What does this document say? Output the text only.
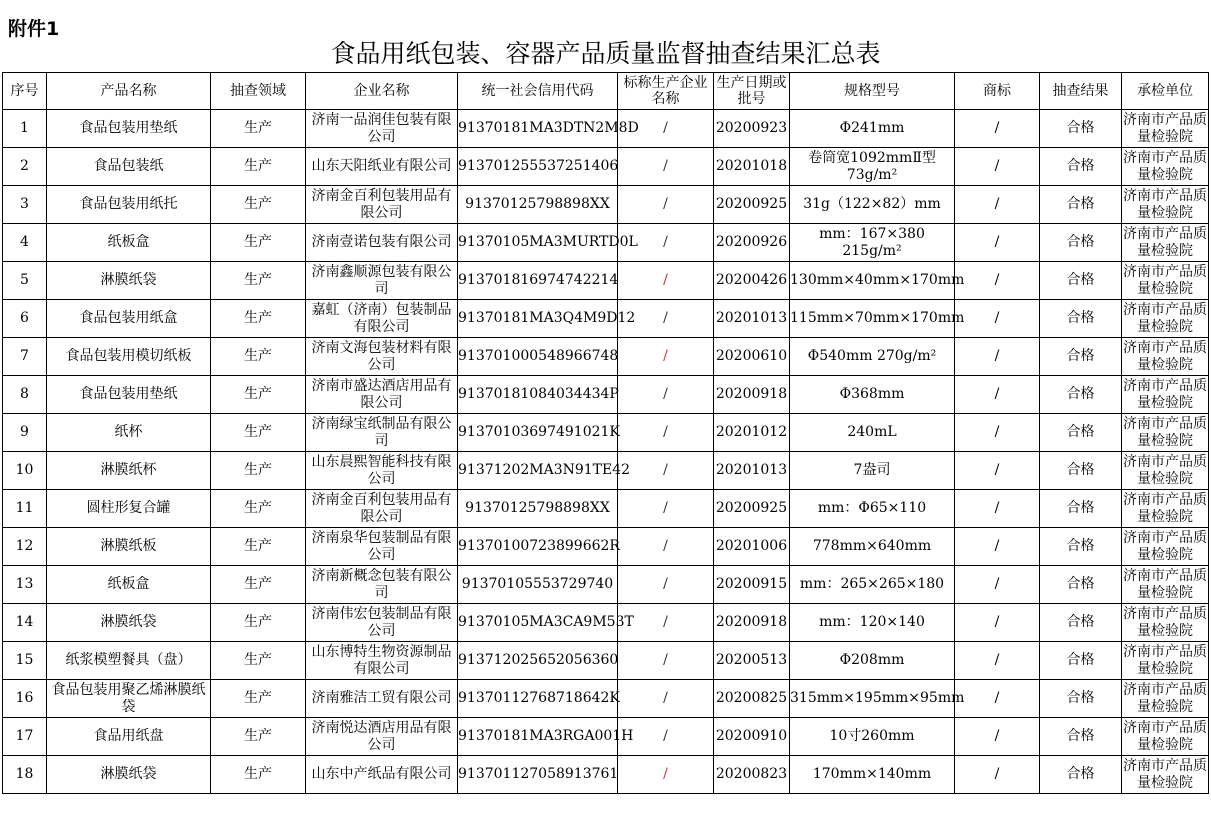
附件1
食品用纸包装、容器产品质量监督抽查结果汇总表
序号	产品名称	抽查领域	企业名称	统一社会信用代码	标称生产企业名称	生产日期或批号	规格型号	商标	抽查结果	承检单位
1	食品包装用垫纸	生产	济南一品润佳包装有限公司	91370181MA3DTN2M8D	/	20200923	Φ241mm	/	合格	济南市产品质量检验院
2	食品包装纸	生产	山东天阳纸业有限公司	913701255537251406	/	20201018	卷筒宽1092mmⅡ型73g/m²	/	合格	济南市产品质量检验院
3	食品包装用纸托	生产	济南金百利包装用品有限公司	91370125798898XX	/	20200925	31g（122×82）mm	/	合格	济南市产品质量检验院
4	纸板盒	生产	济南壹诺包装有限公司	91370105MA3MURTD0L	/	20200926	mm：167×380 215g/m²	/	合格	济南市产品质量检验院
5	淋膜纸袋	生产	济南鑫顺源包装有限公司	913701816974742214	/	20200426	130mm×40mm×170mm	/	合格	济南市产品质量检验院
6	食品包装用纸盒	生产	嘉虹（济南）包装制品有限公司	91370181MA3Q4M9D12	/	20201013	115mm×70mm×170mm	/	合格	济南市产品质量检验院
7	食品包装用模切纸板	生产	济南文海包装材料有限公司	913701000548966748	/	20200610	Φ540mm 270g/m²	/	合格	济南市产品质量检验院
8	食品包装用垫纸	生产	济南市盛达酒店用品有限公司	91370181084034434P	/	20200918	Φ368mm	/	合格	济南市产品质量检验院
9	纸杯	生产	济南绿宝纸制品有限公司	91370103697491021K	/	20201012	240mL	/	合格	济南市产品质量检验院
10	淋膜纸杯	生产	山东晨熙智能科技有限公司	91371202MA3N91TE42	/	20201013	7盎司	/	合格	济南市产品质量检验院
11	圆柱形复合罐	生产	济南金百利包装用品有限公司	91370125798898XX	/	20200925	mm：Φ65×110	/	合格	济南市产品质量检验院
12	淋膜纸板	生产	济南泉华包装制品有限公司	91370100723899662R	/	20201006	778mm×640mm	/	合格	济南市产品质量检验院
13	纸板盒	生产	济南新概念包装有限公司	91370105553729740	/	20200915	mm：265×265×180	/	合格	济南市产品质量检验院
14	淋膜纸袋	生产	济南伟宏包装制品有限公司	91370105MA3CA9M53T	/	20200918	mm：120×140	/	合格	济南市产品质量检验院
15	纸浆模塑餐具（盘）	生产	山东博特生物资源制品有限公司	913712025652056360	/	20200513	Φ208mm	/	合格	济南市产品质量检验院
16	食品包装用聚乙烯淋膜纸袋	生产	济南雅洁工贸有限公司	91370112768718642K	/	20200825	315mm×195mm×95mm	/	合格	济南市产品质量检验院
17	食品用纸盘	生产	济南悦达酒店用品有限公司	91370181MA3RGA001H	/	20200910	10寸260mm	/	合格	济南市产品质量检验院
18	淋膜纸袋	生产	山东中产纸品有限公司	913701127058913761	/	20200823	170mm×140mm	/	合格	济南市产品质量检验院
